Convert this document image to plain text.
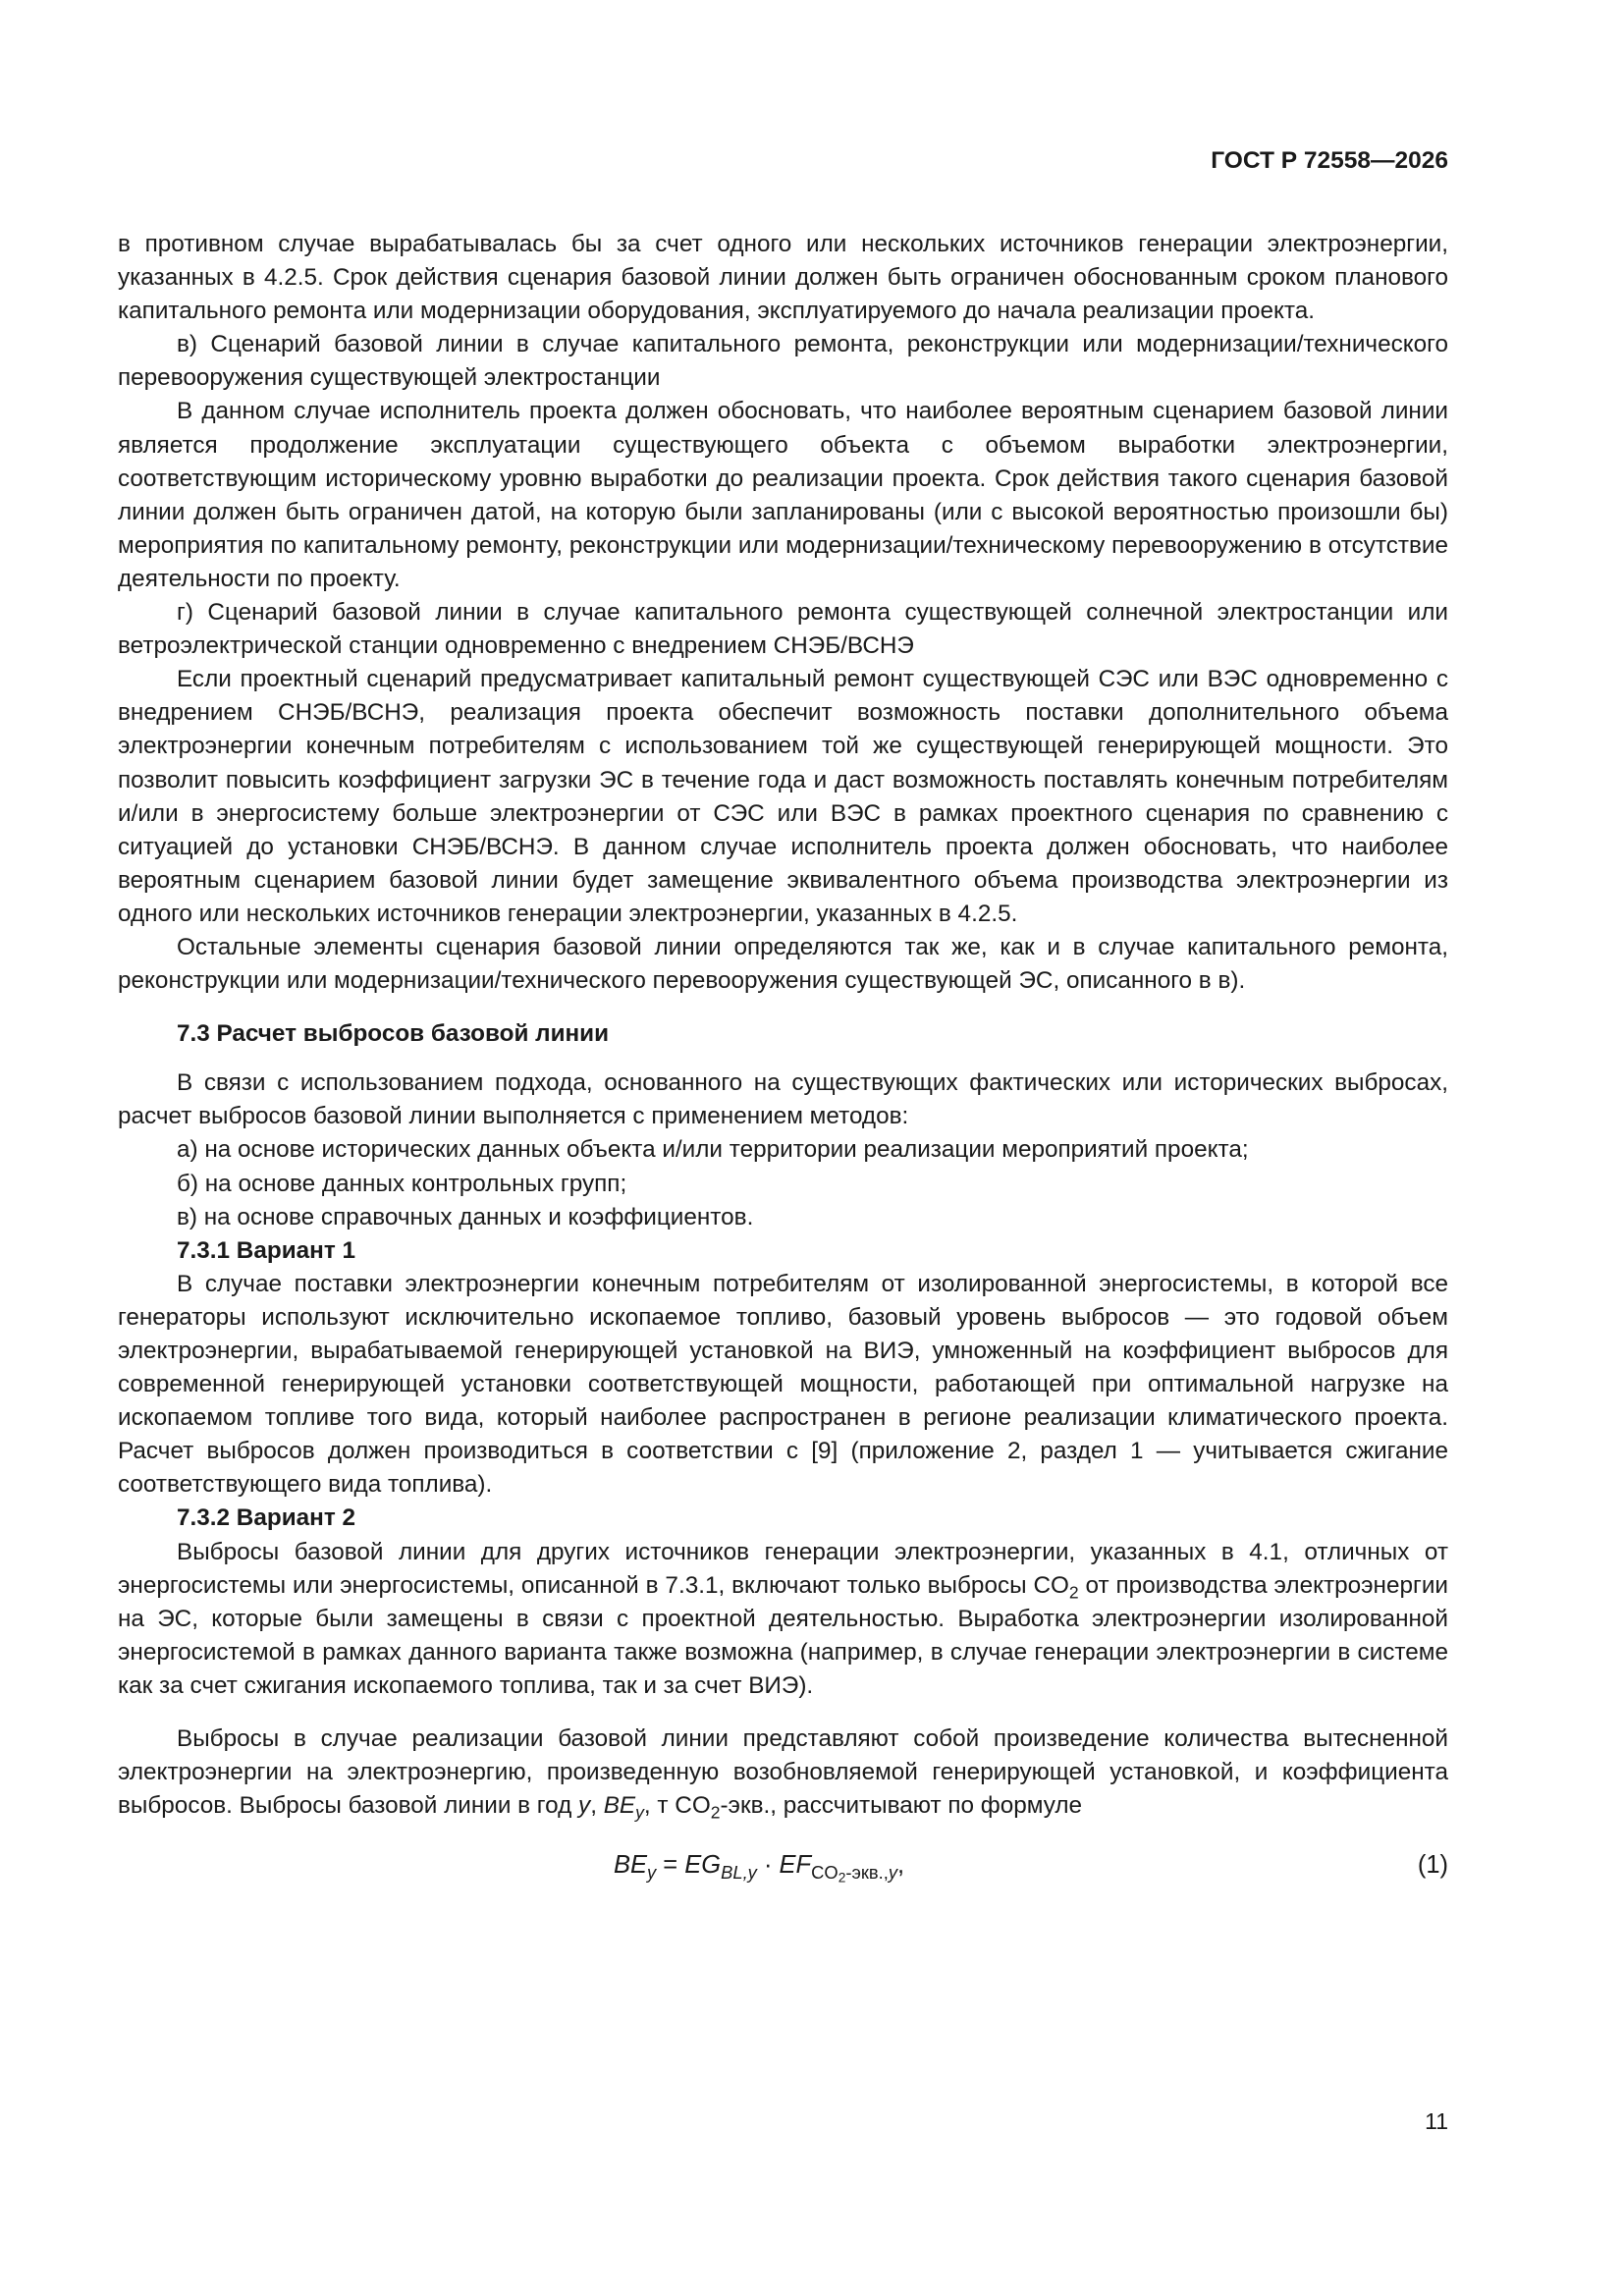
ГОСТ Р 72558—2026

в противном случае вырабатывалась бы за счет одного или нескольких источников генерации электроэнергии, указанных в 4.2.5. Срок действия сценария базовой линии должен быть ограничен обоснованным сроком планового капитального ремонта или модернизации оборудования, эксплуатируемого до начала реализации проекта.

в) Сценарий базовой линии в случае капитального ремонта, реконструкции или модернизации/технического перевооружения существующей электростанции

В данном случае исполнитель проекта должен обосновать, что наиболее вероятным сценарием базовой линии является продолжение эксплуатации существующего объекта с объемом выработки электроэнергии, соответствующим историческому уровню выработки до реализации проекта. Срок действия такого сценария базовой линии должен быть ограничен датой, на которую были запланированы (или с высокой вероятностью произошли бы) мероприятия по капитальному ремонту, реконструкции или модернизации/техническому перевооружению в отсутствие деятельности по проекту.

г) Сценарий базовой линии в случае капитального ремонта существующей солнечной электростанции или ветроэлектрической станции одновременно с внедрением СНЭБ/ВСНЭ

Если проектный сценарий предусматривает капитальный ремонт существующей СЭС или ВЭС одновременно с внедрением СНЭБ/ВСНЭ, реализация проекта обеспечит возможность поставки дополнительного объема электроэнергии конечным потребителям с использованием той же существующей генерирующей мощности. Это позволит повысить коэффициент загрузки ЭС в течение года и даст возможность поставлять конечным потребителям и/или в энергосистему больше электроэнергии от СЭС или ВЭС в рамках проектного сценария по сравнению с ситуацией до установки СНЭБ/ВСНЭ. В данном случае исполнитель проекта должен обосновать, что наиболее вероятным сценарием базовой линии будет замещение эквивалентного объема производства электроэнергии из одного или нескольких источников генерации электроэнергии, указанных в 4.2.5.

Остальные элементы сценария базовой линии определяются так же, как и в случае капитального ремонта, реконструкции или модернизации/технического перевооружения существующей ЭС, описанного в в).

7.3 Расчет выбросов базовой линии

В связи с использованием подхода, основанного на существующих фактических или исторических выбросах, расчет выбросов базовой линии выполняется с применением методов:

а) на основе исторических данных объекта и/или территории реализации мероприятий проекта;
б) на основе данных контрольных групп;
в) на основе справочных данных и коэффициентов.
7.3.1 Вариант 1

В случае поставки электроэнергии конечным потребителям от изолированной энергосистемы, в которой все генераторы используют исключительно ископаемое топливо, базовый уровень выбросов — это годовой объем электроэнергии, вырабатываемой генерирующей установкой на ВИЭ, умноженный на коэффициент выбросов для современной генерирующей установки соответствующей мощности, работающей при оптимальной нагрузке на ископаемом топливе того вида, который наиболее распространен в регионе реализации климатического проекта. Расчет выбросов должен производиться в соответствии с [9] (приложение 2, раздел 1 — учитывается сжигание соответствующего вида топлива).

7.3.2 Вариант 2

Выбросы базовой линии для других источников генерации электроэнергии, указанных в 4.1, отличных от энергосистемы или энергосистемы, описанной в 7.3.1, включают только выбросы $CO_2$ от производства электроэнергии на ЭС, которые были замещены в связи с проектной деятельностью. Выработка электроэнергии изолированной энергосистемой в рамках данного варианта также возможна (например, в случае генерации электроэнергии в системе как за счет сжигания ископаемого топлива, так и за счет ВИЭ).

Выбросы в случае реализации базовой линии представляют собой произведение количества вытесненной электроэнергии на электроэнергию, произведенную возобновляемой генерирующей установкой, и коэффициента выбросов. Выбросы базовой линии в год y, $BE_y$, т $CO_2$-экв., рассчитывают по формуле

$BE_y = EG_{BL,y} \cdot EF_{CO2-экв.,y}$,	(1)
11
